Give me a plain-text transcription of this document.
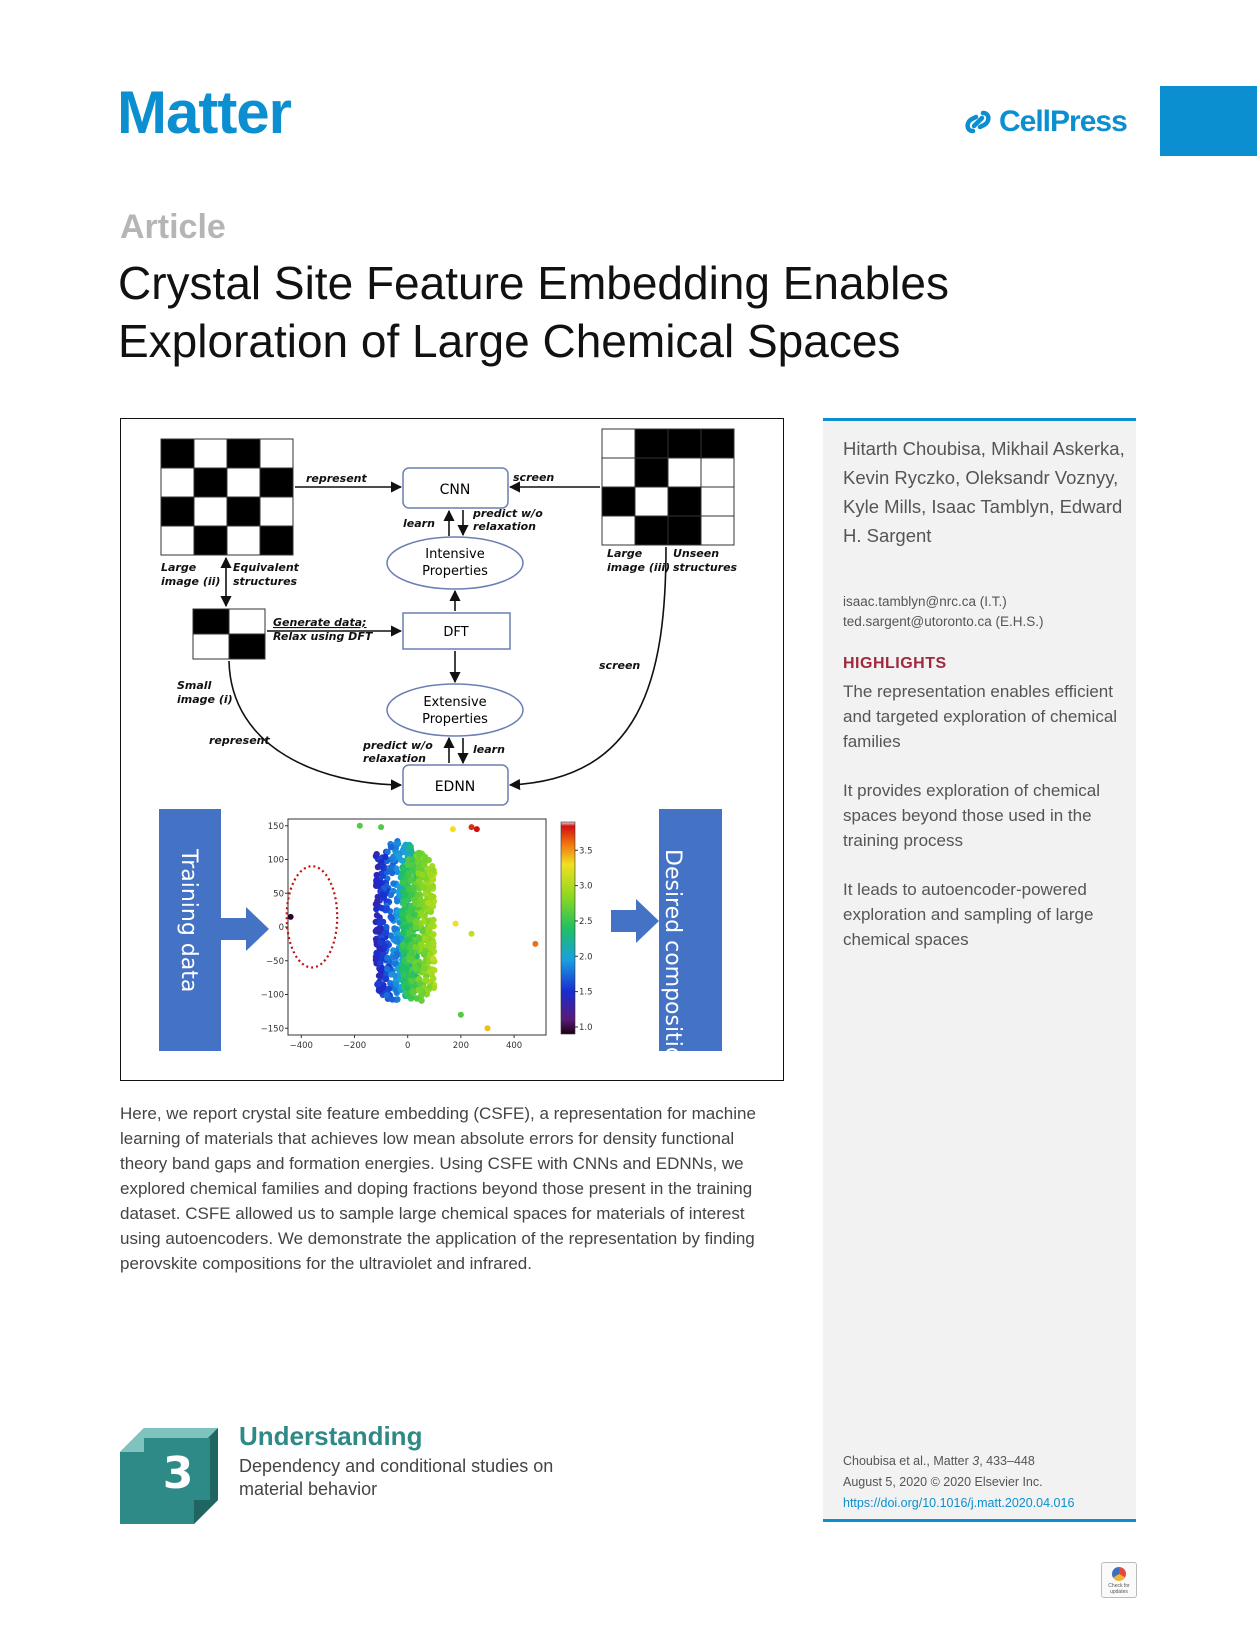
Matter	CellPress
Article
Crystal Site Feature Embedding Enables Exploration of Large Chemical Spaces
CNN
Intensive
Properties
DFT
Extensive
Properties
EDNN
represent	screen
learn
predict w/o
relaxation
Large
image (ii)
Equivalent
structures
Large
image (iii)
Unseen
structures
Generate data;
Relax using DFT
screen
Small
image (i)
represent	predict w/o
relaxation
learn
Training data	Desired compositions
−400	−200	0	200	400
150
100
50
0
−50
−100
−150	1.0
1.5
2.0
2.5
3.0
3.5

Here, we report crystal site feature embedding (CSFE), a representation for machine learning of materials that achieves low mean absolute errors for density functional theory band gaps and formation energies. Using CSFE with CNNs and EDNNs, we explored chemical families and doping fractions beyond those present in the training dataset. CSFE allowed us to sample large chemical spaces for materials of interest using autoencoders. We demonstrate the application of the representation by finding perovskite compositions for the ultraviolet and infrared.

Hitarth Choubisa, Mikhail Askerka, Kevin Ryczko, Oleksandr Voznyy, Kyle Mills, Isaac Tamblyn, Edward H. Sargent

isaac.tamblyn@nrc.ca (I.T.)
ted.sargent@utoronto.ca (E.H.S.)
HIGHLIGHTS
The representation enables efficient and targeted exploration of chemical families
It provides exploration of chemical spaces beyond those used in the training process
It leads to autoencoder-powered exploration and sampling of large chemical spaces
Choubisa et al., Matter 3, 433–448
August 5, 2020 © 2020 Elsevier Inc.
https://doi.org/10.1016/j.matt.2020.04.016
3
Understanding

Dependency and conditional studies on material behavior

Check for updates
